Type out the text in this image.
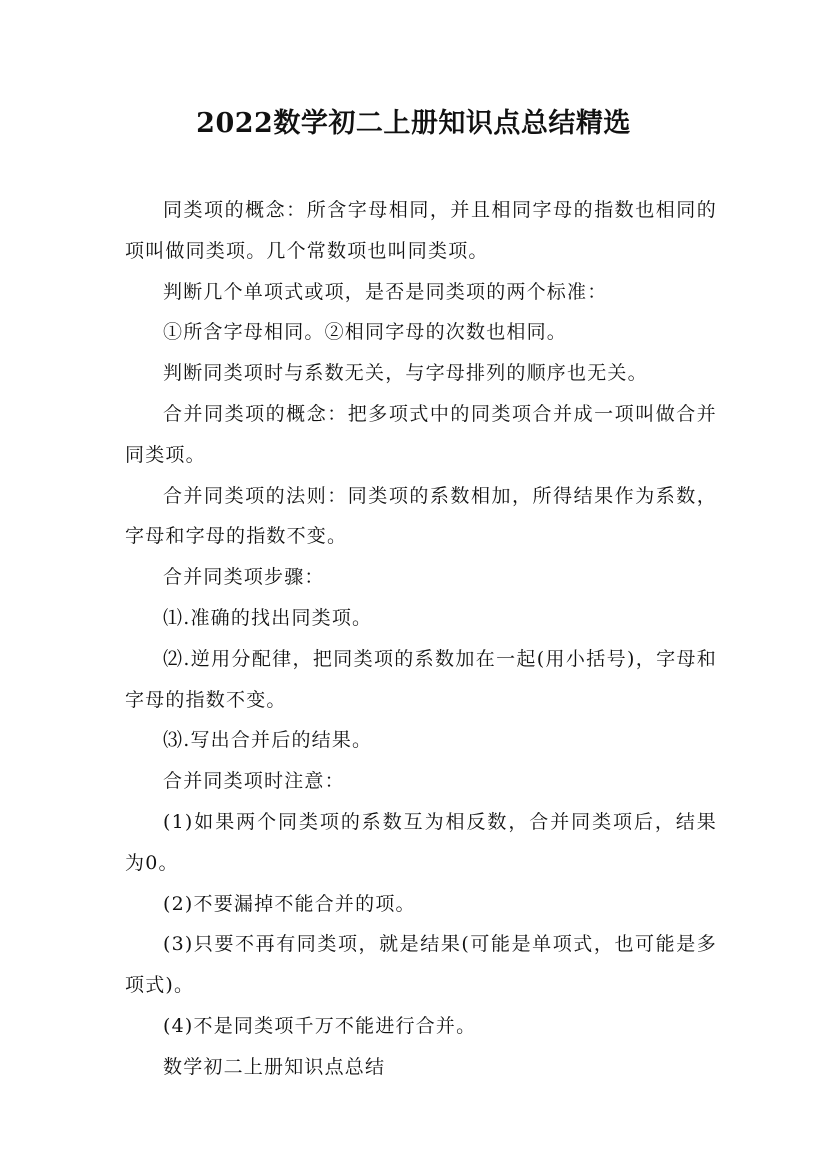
2022数学初二上册知识点总结精选

同类项的概念：所含字母相同，并且相同字母的指数也相同的项叫做同类项。几个常数项也叫同类项。

判断几个单项式或项，是否是同类项的两个标准：

①所含字母相同。②相同字母的次数也相同。

判断同类项时与系数无关，与字母排列的顺序也无关。

合并同类项的概念：把多项式中的同类项合并成一项叫做合并同类项。

合并同类项的法则：同类项的系数相加，所得结果作为系数，字母和字母的指数不变。

合并同类项步骤：

⑴.准确的找出同类项。

⑵.逆用分配律，把同类项的系数加在一起(用小括号)，字母和字母的指数不变。

⑶.写出合并后的结果。

合并同类项时注意：

(1)如果两个同类项的系数互为相反数，合并同类项后，结果为0。

(2)不要漏掉不能合并的项。

(3)只要不再有同类项，就是结果(可能是单项式，也可能是多项式)。

(4)不是同类项千万不能进行合并。

数学初二上册知识点总结
